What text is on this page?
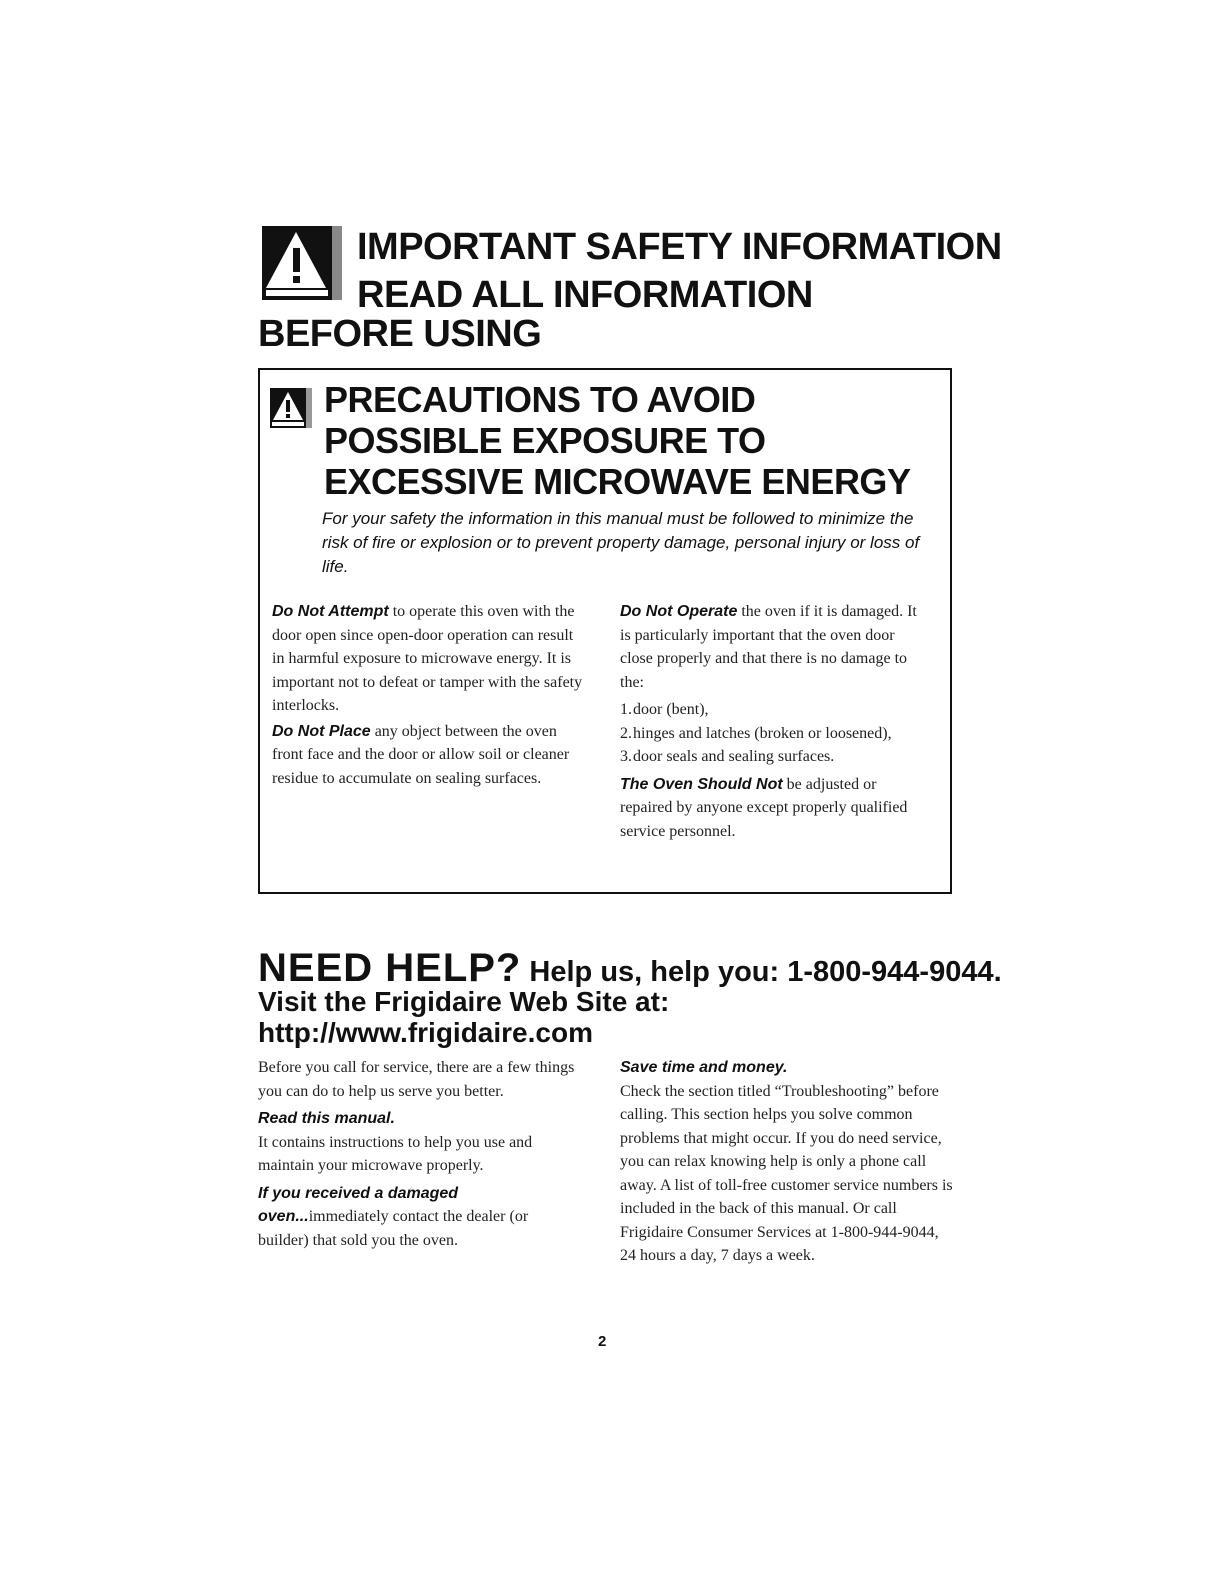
IMPORTANT SAFETY INFORMATION
READ ALL INFORMATION
BEFORE USING
PRECAUTIONS TO AVOID
POSSIBLE EXPOSURE TO
EXCESSIVE MICROWAVE ENERGY
For your safety the information in this manual must be followed to minimize the risk of fire or explosion or to prevent property damage, personal injury or loss of life.

Do Not Attempt to operate this oven with the door open since open-door operation can result in harmful exposure to microwave energy. It is important not to defeat or tamper with the safety interlocks.

Do Not Place any object between the oven front face and the door or allow soil or cleaner residue to accumulate on sealing surfaces.

Do Not Operate the oven if it is damaged. It is particularly important that the oven door close properly and that there is no damage to the:

1. door (bent),
2. hinges and latches (broken or loosened),
3. door seals and sealing surfaces.

The Oven Should Not be adjusted or repaired by anyone except properly qualified service personnel.

NEED HELP? Help us, help you: 1-800-944-9044.
Visit the Frigidaire Web Site at:
http://www.frigidaire.com

Before you call for service, there are a few things you can do to help us serve you better.

Read this manual.

It contains instructions to help you use and maintain your microwave properly.

If you received a damaged oven...immediately contact the dealer (or builder) that sold you the oven.

Save time and money.

Check the section titled “Troubleshooting” before calling. This section helps you solve common problems that might occur. If you do need service, you can relax knowing help is only a phone call away. A list of toll-free customer service numbers is included in the back of this manual. Or call Frigidaire Consumer Services at 1-800-944-9044, 24 hours a day, 7 days a week.

2
